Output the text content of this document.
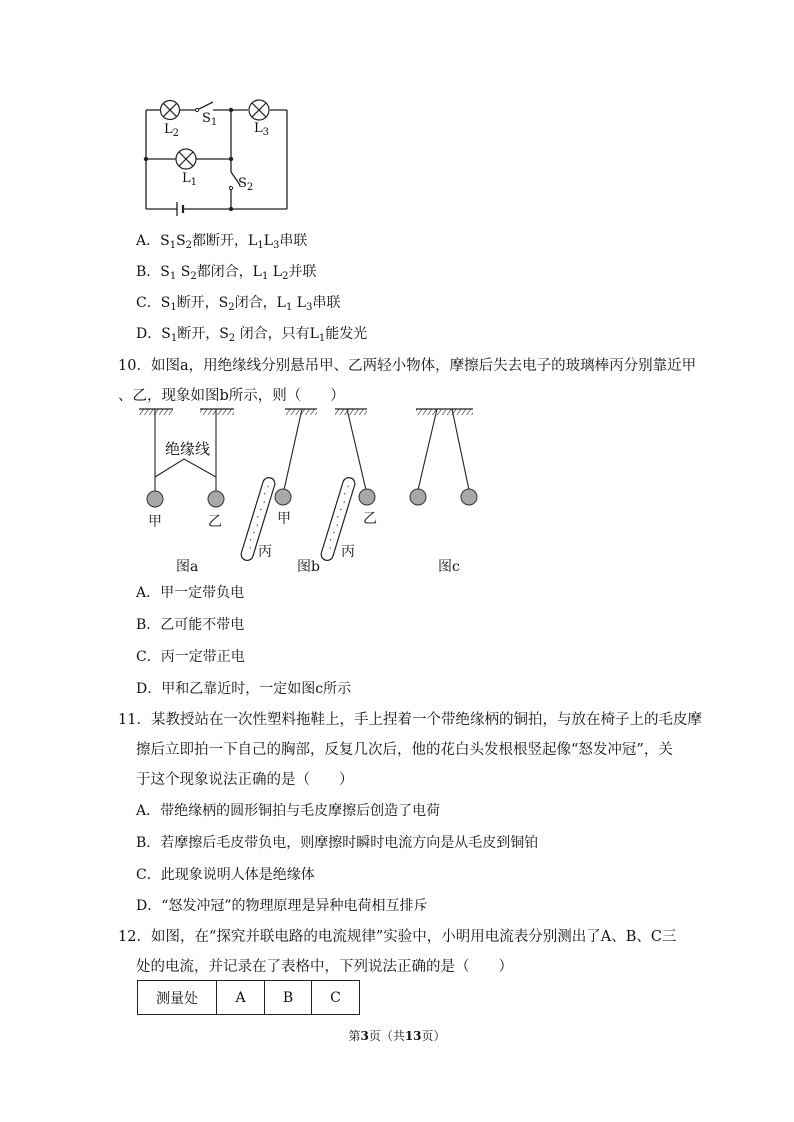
$L_2$
$S_1$	$L_3$
$L_1$	$S_2$
A．$S_1S_2$都断开，$L_1L_3$串联
B．$S_1$ $S_2$都闭合，$L_1$ $L_2$并联
C．$S_1$断开，$S_2$闭合，$L_1$ $L_3$串联
D．$S_1$断开，$S_2$ 闭合，只有$L_1$能发光
10．如图a，用绝缘线分别悬吊甲、乙两轻小物体，摩擦后失去电子的玻璃棒丙分别靠近甲
、乙，现象如图b所示，则（　　）
绝缘线
甲	乙	甲	乙
丙	丙
图a	图b	图c
A．甲一定带负电
B．乙可能不带电
C．丙一定带正电
D．甲和乙靠近时，一定如图c所示
11．某教授站在一次性塑料拖鞋上，手上捏着一个带绝缘柄的铜拍，与放在椅子上的毛皮摩
擦后立即拍一下自己的胸部，反复几次后，他的花白头发根根竖起像“怒发冲冠”，关
于这个现象说法正确的是（　　）
A．带绝缘柄的圆形铜拍与毛皮摩擦后创造了电荷
B．若摩擦后毛皮带负电，则摩擦时瞬时电流方向是从毛皮到铜铂
C．此现象说明人体是绝缘体
D．“怒发冲冠”的物理原理是异种电荷相互排斥
12．如图，在“探究并联电路的电流规律”实验中，小明用电流表分别测出了A、B、C三
处的电流，并记录在了表格中，下列说法正确的是（　　）
测量处	A	B	C
第3页（共13页）
